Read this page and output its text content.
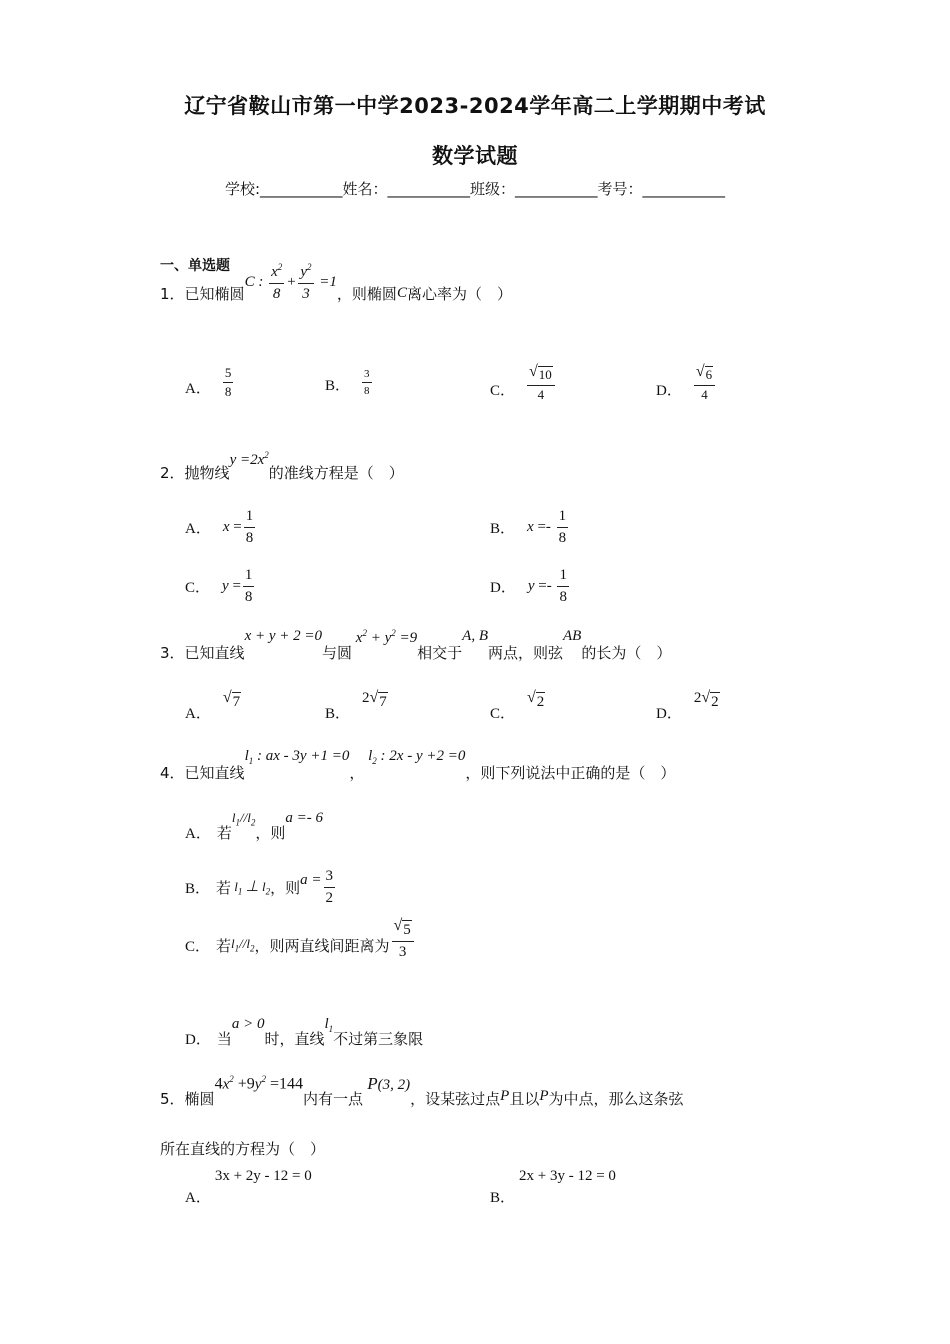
辽宁省鞍山市第一中学2023-2024学年高二上学期期中考试
数学试题
学校:___________姓名：___________班级：___________考号：___________
一、单选题
1． 已知椭圆
C : $\frac{x^2}{8} + \frac{y^2}{3} =1$
，则椭圆 C 离心率为（　）
A． $\frac{5}{8}$	B． $\frac{3}{8}$	C． $\frac{√ 10}{4}$	D． $\frac{√ 6}{4}$
2． 抛物线
$y =2x^2$
的准线方程是（　）
A． $x = \frac{1}{8}$	B． $x =- \frac{1}{8}$
C． $y = \frac{1}{8}$	D． $y =- \frac{1}{8}$
3． 已知直线
x + y + 2 =0
与圆
$x^2 + y^2 =9$
相交于
A, B
两点，则弦
AB
的长为（　）
A．
√ 7
B．
2 √ 7
C．
√ 2
D．
2 √ 2
4． 已知直线
$l_1$ : ax - 3y +1 =0
，
$l_2$ : 2x - y +2 =0
，则下列说法中正确的是（　）
A． 若
$l_1//l_2$
，则
a =- 6
B． 若 $l_1$ ⊥ $l_2$ ，则 $a = \frac{3}{2}$
C． 若 $l_1//l_2$ ，则两直线间距离为 $\frac{√ 5}{3}$
D． 当
a > 0
时，直线
$l_1$
不过第三象限
5． 椭圆
$4x^2 +9y^2 =144$
内有一点
P(3, 2)
，设某弦过点 P 且以 P 为中点，那么这条弦
所在直线的方程为（　）
A．
3x + 2y - 12 = 0
B．
2x + 3y - 12 = 0
